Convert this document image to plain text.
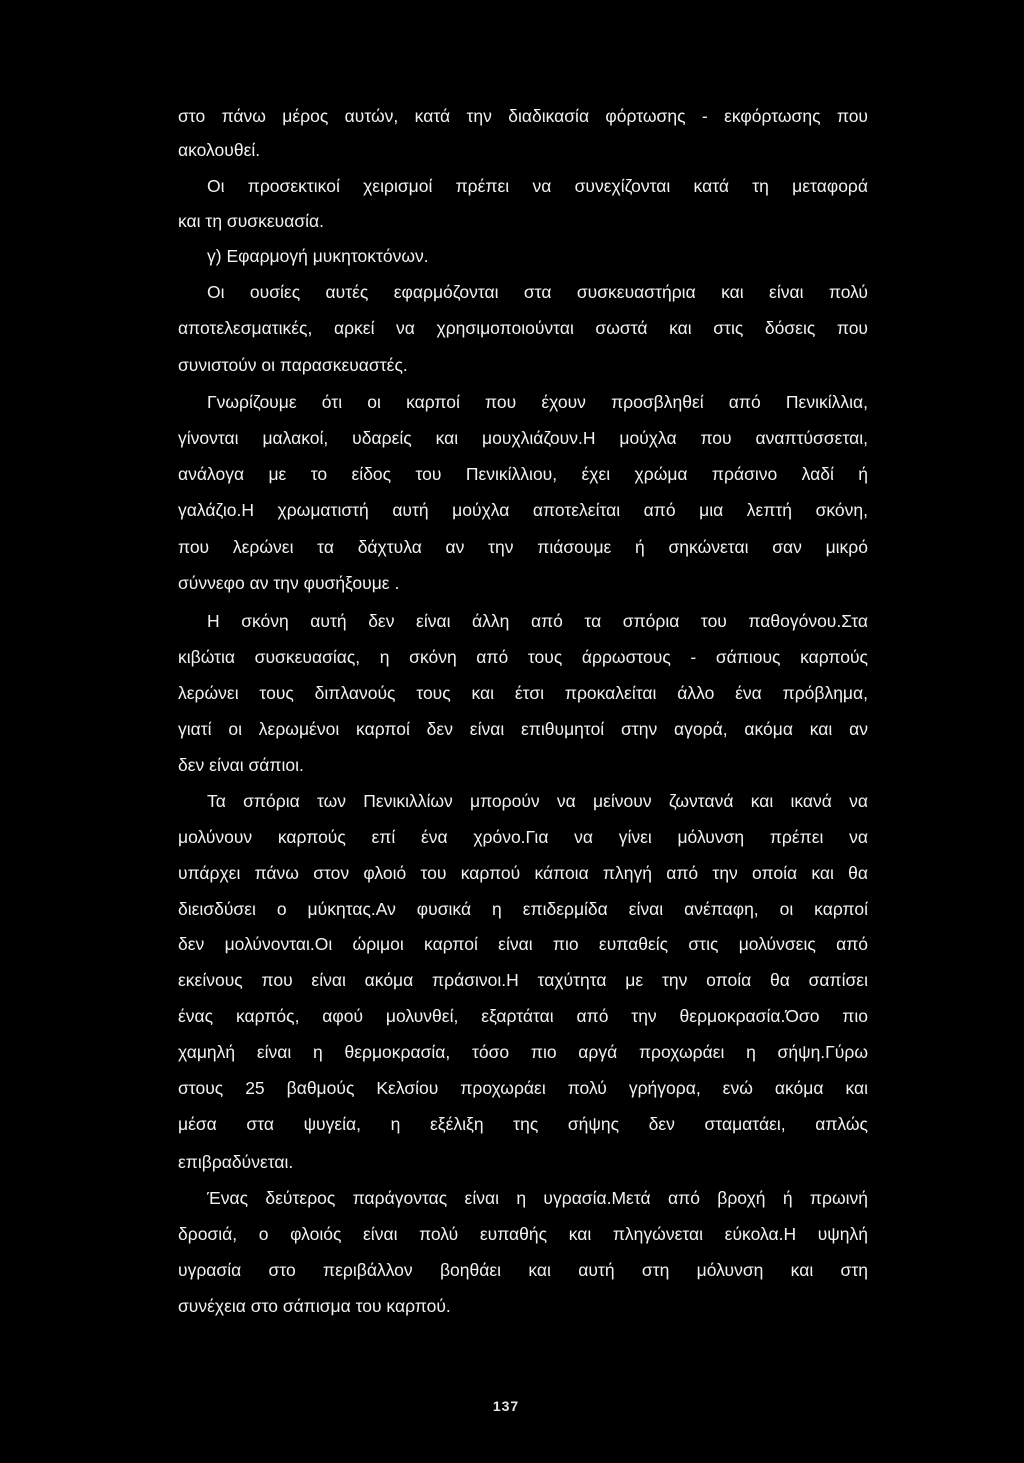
στο πάνω μέρος αυτών, κατά την διαδικασία φόρτωσης - εκφόρτωσης που
ακολουθεί.
Οι προσεκτικοί χειρισμοί πρέπει να συνεχίζονται κατά τη μεταφορά
και τη συσκευασία.
γ) Εφαρμογή μυκητοκτόνων.
Οι ουσίες αυτές εφαρμόζονται στα συσκευαστήρια και είναι πολύ
αποτελεσματικές, αρκεί να χρησιμοποιούνται σωστά και στις δόσεις που
συνιστούν οι παρασκευαστές.
Γνωρίζουμε ότι οι καρποί που έχουν προσβληθεί από Πενικίλλια,
γίνονται μαλακοί, υδαρείς και μουχλιάζουν.Η μούχλα που αναπτύσσεται,
ανάλογα με το είδος του Πενικίλλιου, έχει χρώμα πράσινο λαδί ή
γαλάζιο.Η χρωματιστή αυτή μούχλα αποτελείται από μια λεπτή σκόνη,
που λερώνει τα δάχτυλα αν την πιάσουμε ή σηκώνεται σαν μικρό
σύννεφο αν την φυσήξουμε .
Η σκόνη αυτή δεν είναι άλλη από τα σπόρια του παθογόνου.Στα
κιβώτια συσκευασίας, η σκόνη από τους άρρωστους - σάπιους καρπούς
λερώνει τους διπλανούς τους και έτσι προκαλείται άλλο ένα πρόβλημα,
γιατί οι λερωμένοι καρποί δεν είναι επιθυμητοί στην αγορά, ακόμα και αν
δεν είναι σάπιοι.
Τα σπόρια των Πενικιλλίων μπορούν να μείνουν ζωντανά και ικανά να
μολύνουν καρπούς επί ένα χρόνο.Για να γίνει μόλυνση πρέπει να
υπάρχει πάνω στον φλοιό του καρπού κάποια πληγή από την οποία και θα
διεισδύσει ο μύκητας.Αν φυσικά η επιδερμίδα είναι ανέπαφη, οι καρποί
δεν μολύνονται.Οι ώριμοι καρποί είναι πιο ευπαθείς στις μολύνσεις από
εκείνους που είναι ακόμα πράσινοι.Η ταχύτητα με την οποία θα σαπίσει
ένας καρπός, αφού μολυνθεί, εξαρτάται από την θερμοκρασία.Όσο πιο
χαμηλή είναι η θερμοκρασία, τόσο πιο αργά προχωράει η σήψη.Γύρω
στους 25 βαθμούς Κελσίου προχωράει πολύ γρήγορα, ενώ ακόμα και
μέσα στα ψυγεία, η εξέλιξη της σήψης δεν σταματάει, απλώς
επιβραδύνεται.
Ένας δεύτερος παράγοντας είναι η υγρασία.Μετά από βροχή ή πρωινή
δροσιά, ο φλοιός είναι πολύ ευπαθής και πληγώνεται εύκολα.Η υψηλή
υγρασία στο περιβάλλον βοηθάει και αυτή στη μόλυνση και στη
συνέχεια στο σάπισμα του καρπού.
137
